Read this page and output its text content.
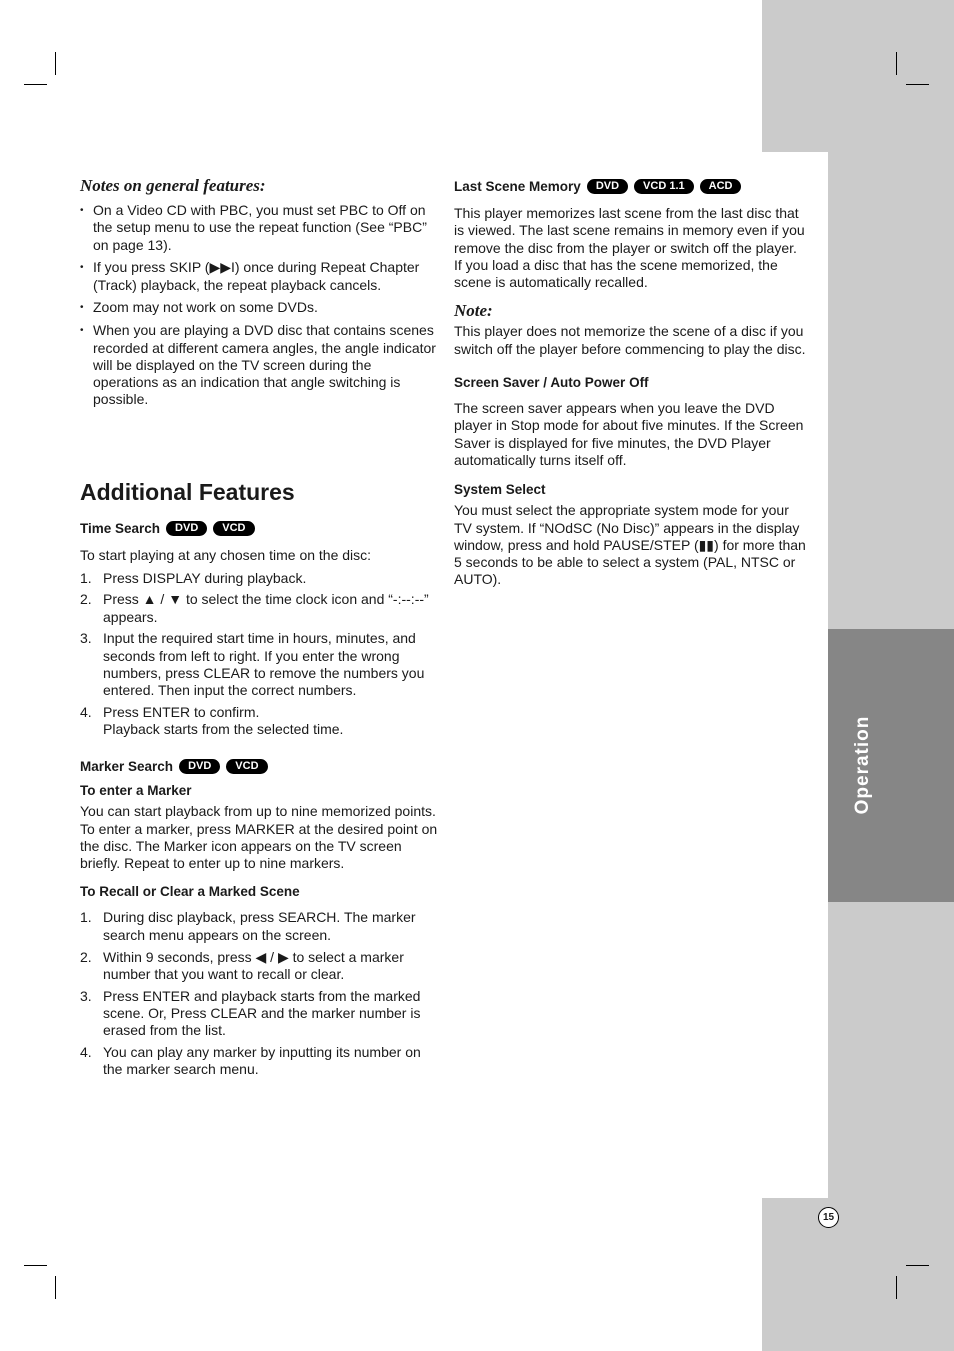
Operation
15
Notes on general features:
• On a Video CD with PBC, you must set PBC to Off on the setup menu to use the repeat function (See “PBC” on page 13).
• If you press SKIP (▶▶I) once during Repeat Chapter (Track) playback, the repeat playback cancels.
• Zoom may not work on some DVDs.
• When you are playing a DVD disc that contains scenes recorded at different camera angles, the angle indicator will be displayed on the TV screen during the operations as an indication that angle switching is possible.
Additional Features
Time Search	DVD	VCD

To start playing at any chosen time on the disc:

1. Press DISPLAY during playback.
2. Press ▲ / ▼ to select the time clock icon and “-:--:--” appears.
3. Input the required start time in hours, minutes, and seconds from left to right. If you enter the wrong numbers, press CLEAR to remove the numbers you entered. Then input the correct numbers.
4. Press ENTER to confirm.
Playback starts from the selected time.
Marker Search	DVD	VCD
To enter a Marker

You can start playback from up to nine memorized points. To enter a marker, press MARKER at the desired point on the disc. The Marker icon appears on the TV screen briefly. Repeat to enter up to nine markers.

To Recall or Clear a Marked Scene
1. During disc playback, press SEARCH. The marker search menu appears on the screen.
2. Within 9 seconds, press ◀ / ▶ to select a marker number that you want to recall or clear.
3. Press ENTER and playback starts from the marked scene. Or, Press CLEAR and the marker number is erased from the list.
4. You can play any marker by inputting its number on the marker search menu.
Last Scene Memory	DVD	VCD 1.1	ACD

This player memorizes last scene from the last disc that is viewed. The last scene remains in memory even if you remove the disc from the player or switch off the player. If you load a disc that has the scene memorized, the scene is automatically recalled.

Note:

This player does not memorize the scene of a disc if you switch off the player before commencing to play the disc.

Screen Saver / Auto Power Off

The screen saver appears when you leave the DVD player in Stop mode for about five minutes. If the Screen Saver is displayed for five minutes, the DVD Player automatically turns itself off.

System Select

You must select the appropriate system mode for your TV system. If “NOdSC (No Disc)” appears in the display window, press and hold PAUSE/STEP (▮▮) for more than 5 seconds to be able to select a system (PAL, NTSC or AUTO).
